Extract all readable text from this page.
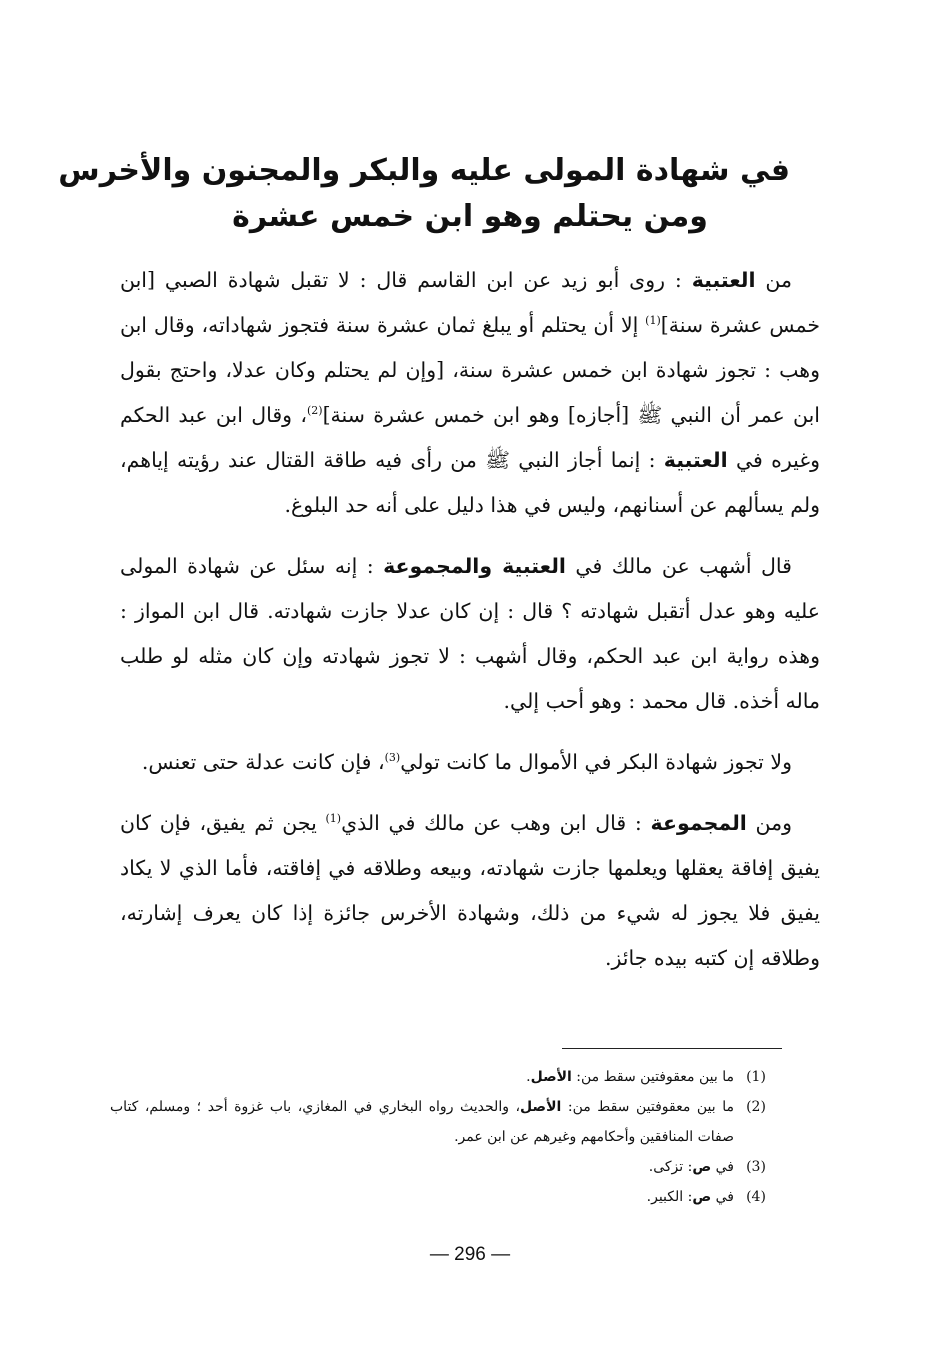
في شهادة المولى عليه والبكر والمجنون والأخرس
ومن يحتلم وهو ابن خمس عشرة

من العتبية : روى أبو زيد عن ابن القاسم قال : لا تقبل شهادة الصبي [ابن خمس عشرة سنة]$^{(1)}$ إلا أن يحتلم أو يبلغ ثمان عشرة سنة فتجوز شهاداته، وقال ابن وهب : تجوز شهادة ابن خمس عشرة سنة، [وإن لم يحتلم وكان عدلا، واحتج بقول ابن عمر أن النبي ﷺ [أجازه] وهو ابن خمس عشرة سنة]$^{(2)}$، وقال ابن عبد الحكم وغيره في العتبية : إنما أجاز النبي ﷺ من رأى فيه طاقة القتال عند رؤيته إياهم، ولم يسألهم عن أسنانهم، وليس في هذا دليل على أنه حد البلوغ.

قال أشهب عن مالك في العتبية والمجموعة : إنه سئل عن شهادة المولى عليه وهو عدل أتقبل شهادته ؟ قال : إن كان عدلا جازت شهادته. قال ابن المواز : وهذه رواية ابن عبد الحكم، وقال أشهب : لا تجوز شهادته وإن كان مثله لو طلب ماله أخذه. قال محمد : وهو أحب إلي.

ولا تجوز شهادة البكر في الأموال ما كانت تولي$^{(3)}$، فإن كانت عدلة حتى تعنس.

ومن المجموعة : قال ابن وهب عن مالك في الذي$^{(1)}$ يجن ثم يفيق، فإن كان يفيق إفاقة يعقلها ويعلمها جازت شهادته، وبيعه وطلاقه في إفاقته، فأما الذي لا يكاد يفيق فلا يجوز له شيء من ذلك، وشهادة الأخرس جائزة إذا كان يعرف إشارته، وطلاقه إن كتبه بيده جائز.

(1)
ما بين معقوفتين سقط من: الأصل.
(2)
ما بين معقوفتين سقط من: الأصل، والحديث رواه البخاري في المغازي، باب غزوة أحد ؛ ومسلم، كتاب صفات المنافقين وأحكامهم وغيرهم عن ابن عمر.
(3)
في ص: تزكى.
(4)
في ص: الكبير.
— 296 —
